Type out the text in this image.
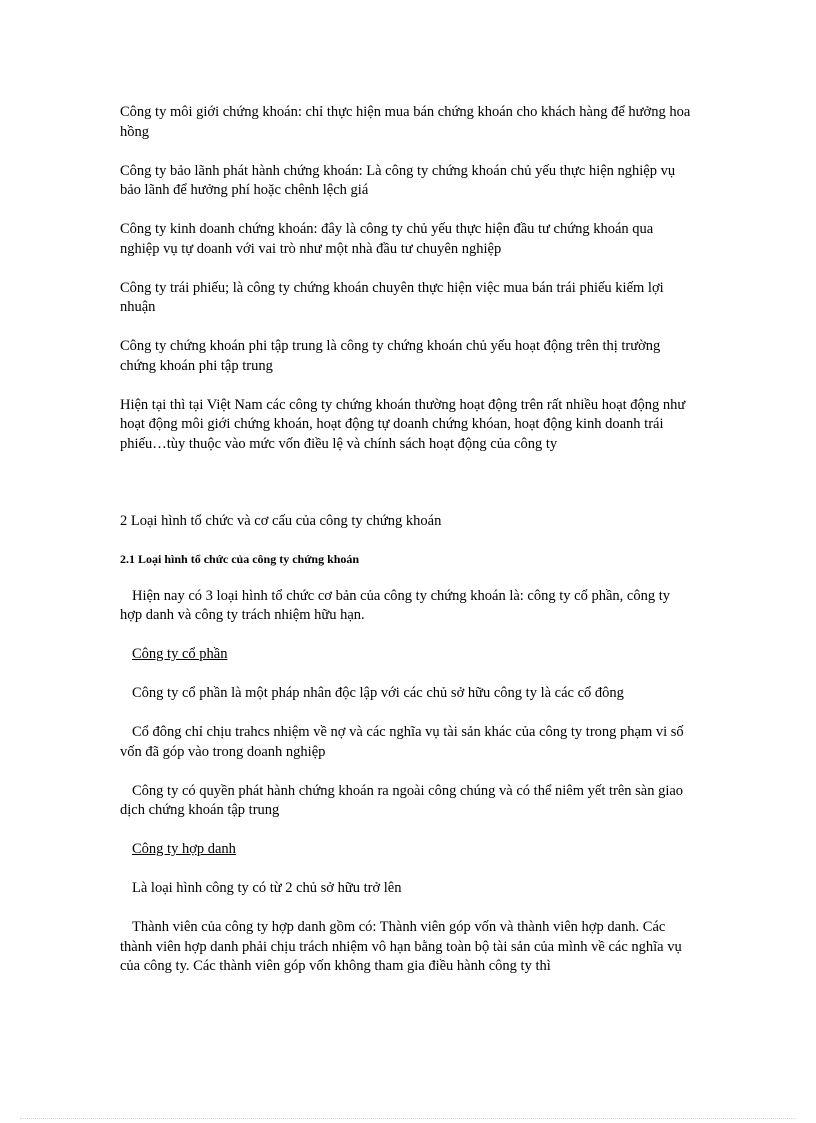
Công ty môi giới chứng khoán: chỉ thực hiện mua bán chứng khoán cho khách hàng để hưởng hoa hồng

Công ty bảo lãnh phát hành chứng khoán: Là công ty chứng khoán chủ yếu thực hiện nghiệp vụ bảo lãnh để hưởng phí hoặc chênh lệch giá

Công ty kinh doanh chứng khoán: đây là công ty chủ yếu thực hiện đầu tư chứng khoán qua nghiệp vụ tự doanh với vai trò như một nhà đầu tư chuyên nghiệp

Công ty trái phiếu; là công ty chứng khoán chuyên thực hiện việc mua bán trái phiếu kiếm lợi nhuận

Công ty chứng khoán phi tập trung là công ty chứng khoán chủ yếu hoạt động trên thị trường chứng khoán phi tập trung

Hiện tại thì tại Việt Nam các công ty chứng khoán thường hoạt động trên rất nhiều hoạt động như hoạt động môi giới chứng khoán, hoạt động tự doanh chứng khóan, hoạt động kinh doanh trái phiếu…tùy thuộc vào mức vốn điều lệ và chính sách hoạt động của công ty

2 Loại hình tổ chức và cơ cấu của công ty chứng khoán

2.1 Loại hình tổ chức của công ty chứng khoán

Hiện nay có 3 loại hình tổ chức cơ bản của công ty chứng khoán là: công ty cổ phần, công ty hợp danh và công ty trách nhiệm hữu hạn.

Công ty cổ phần

Công ty cổ phần là một pháp nhân độc lập với các chủ sở hữu công ty là các cổ đông

Cổ đông chỉ chịu trahcs nhiệm về nợ và các nghĩa vụ tài sản khác của công ty trong phạm vi số vốn đã góp vào trong doanh nghiệp

Công ty có quyền phát hành chứng khoán ra ngoài công chúng và có thể niêm yết trên sàn giao dịch chứng khoán tập trung

Công ty hợp danh

Là loại hình công ty có từ 2 chủ sở hữu trở lên

Thành viên của công ty hợp danh gồm có: Thành viên góp vốn và thành viên hợp danh. Các thành viên hợp danh phải chịu trách nhiệm vô hạn bằng toàn bộ tài sản của mình về các nghĩa vụ của công ty. Các thành viên góp vốn không tham gia điều hành công ty thì
